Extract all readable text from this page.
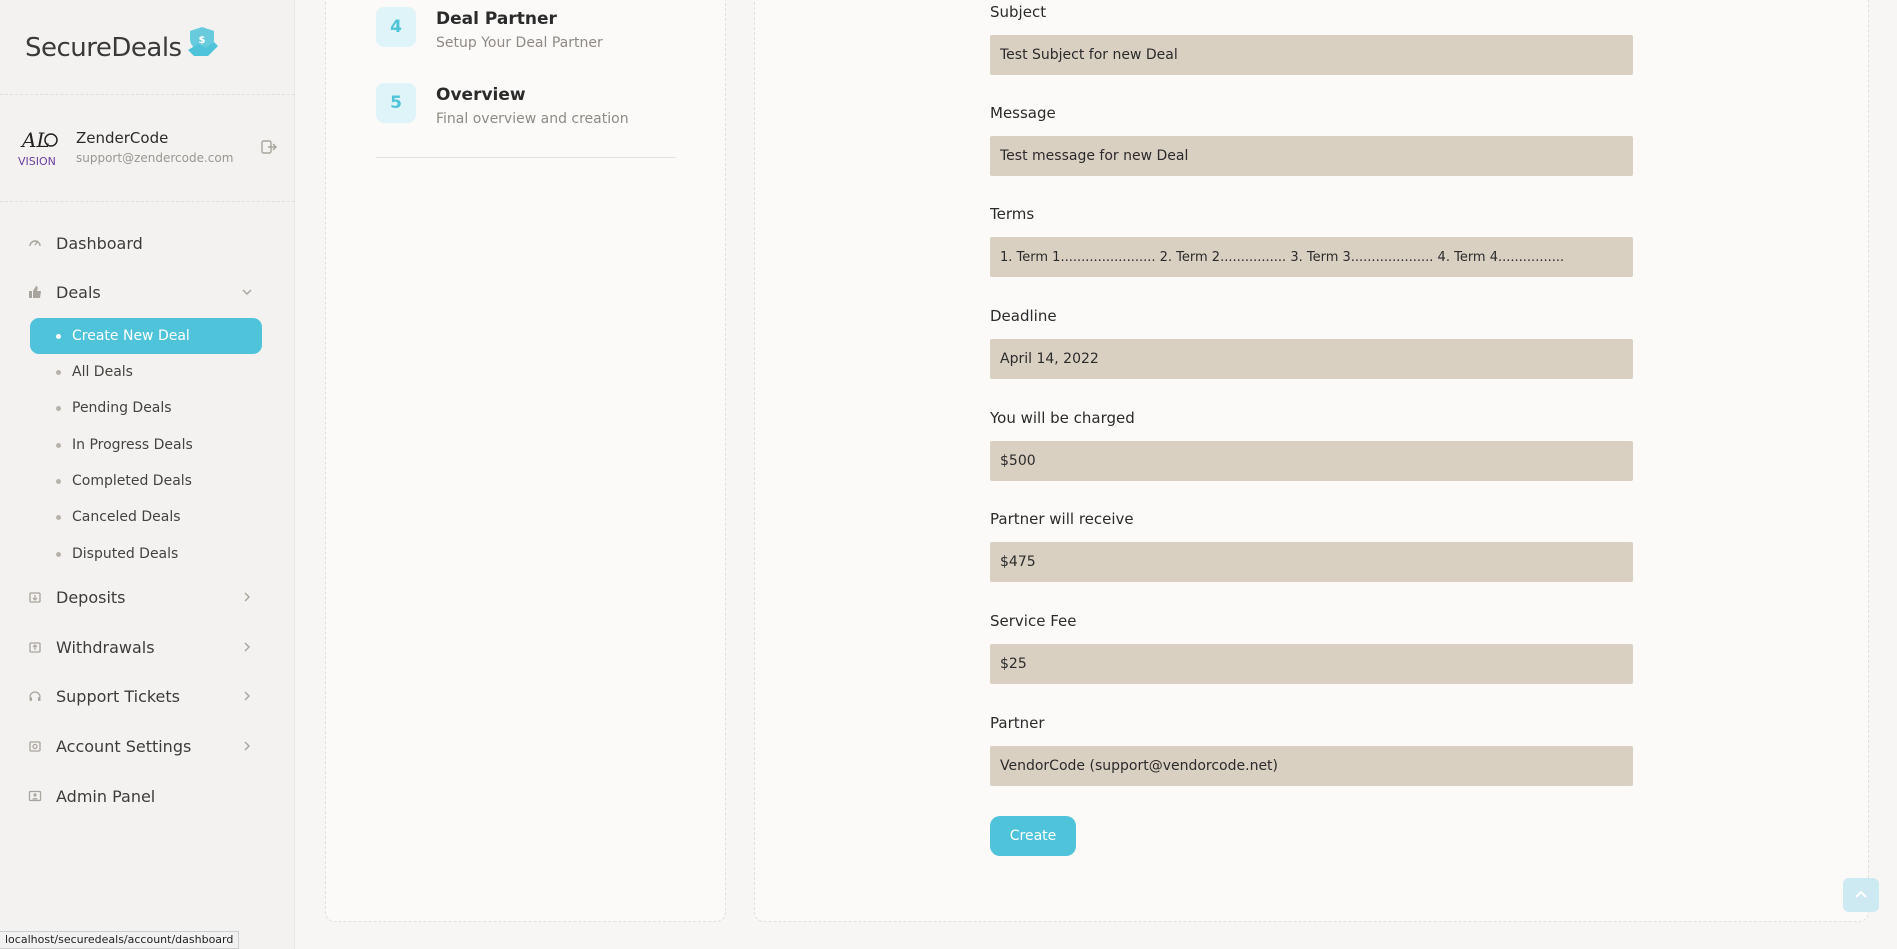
SecureDeals $
AL
VISION
ZenderCode
support@zendercode.com
Dashboard
Deals
Create New Deal
All Deals
Pending Deals
In Progress Deals
Completed Deals
Canceled Deals
Disputed Deals
Deposits
Withdrawals
Support Tickets
Account Settings
Admin Panel
localhost/securedeals/account/dashboard
4	Deal Partner
Setup Your Deal Partner
5	Overview
Final overview and creation
Subject
Test Subject for new Deal
Message
Test message for new Deal
Terms
1. Term 1....................... 2. Term 2................ 3. Term 3.................... 4. Term 4................
Deadline
April 14, 2022
You will be charged
$500
Partner will receive
$475
Service Fee
$25
Partner
VendorCode (support@vendorcode.net)
Create
